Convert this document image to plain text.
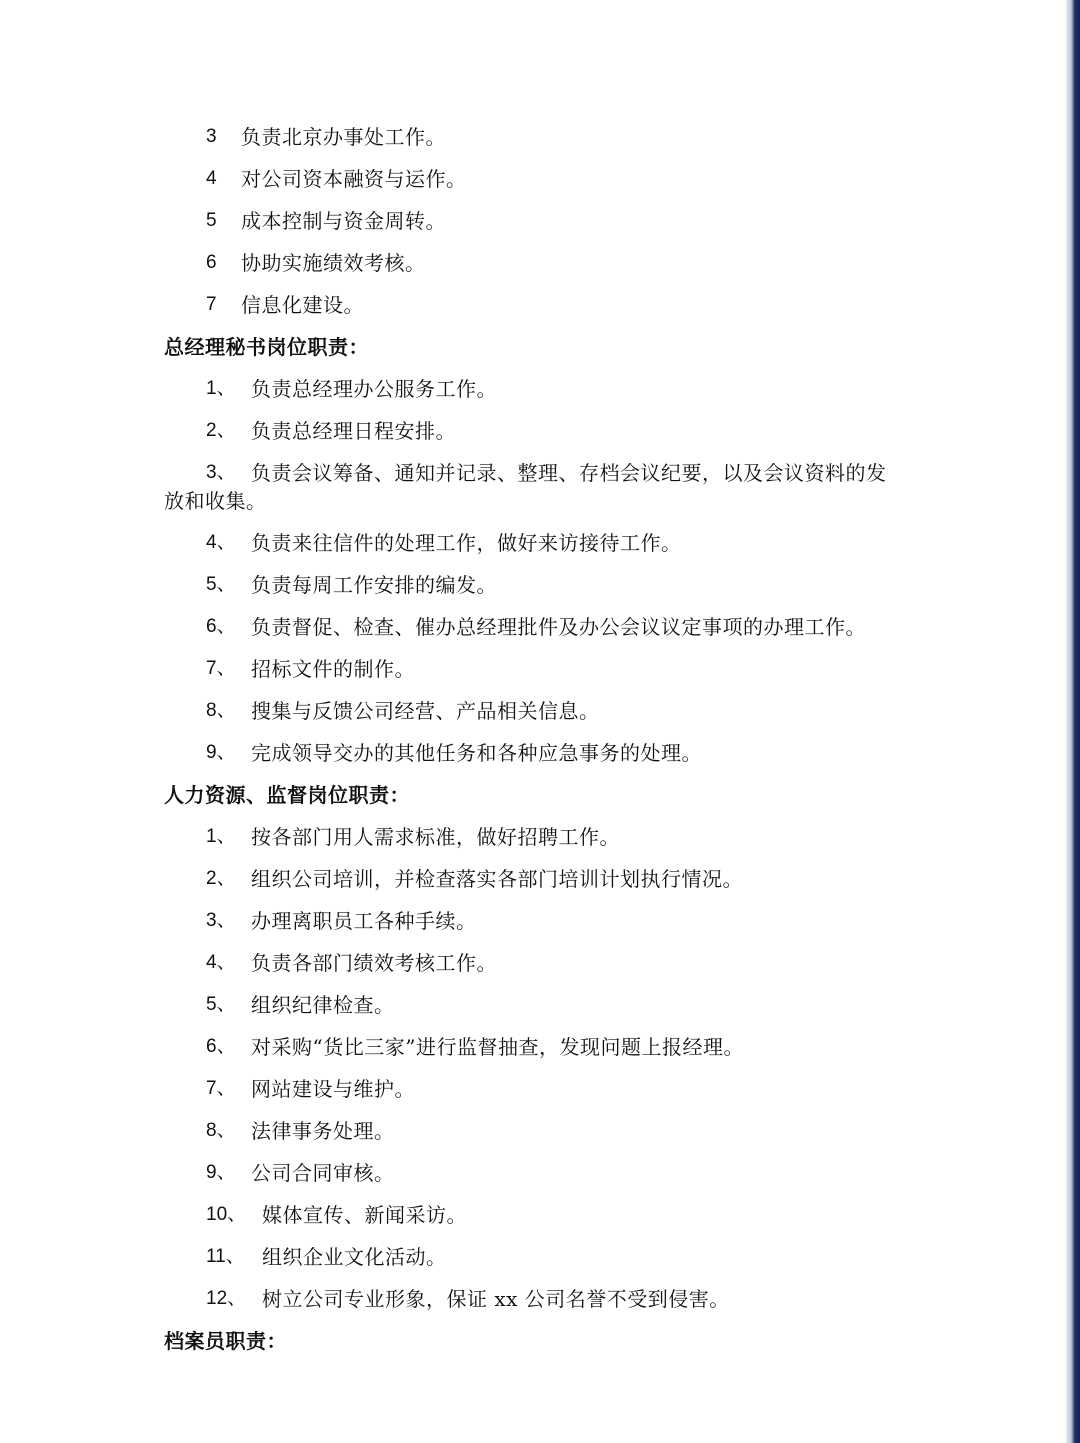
3 负责北京办事处工作。
4 对公司资本融资与运作。
5 成本控制与资金周转。
6 协助实施绩效考核。
7 信息化建设。
总经理秘书岗位职责：
1、 负责总经理办公服务工作。
2、 负责总经理日程安排。
3、 负责会议筹备、通知并记录、整理、存档会议纪要，以及会议资料的发
放和收集。
4、 负责来往信件的处理工作，做好来访接待工作。
5、 负责每周工作安排的编发。
6、 负责督促、检查、催办总经理批件及办公会议议定事项的办理工作。
7、 招标文件的制作。
8、 搜集与反馈公司经营、产品相关信息。
9、 完成领导交办的其他任务和各种应急事务的处理。
人力资源、监督岗位职责：
1、 按各部门用人需求标准，做好招聘工作。
2、 组织公司培训，并检查落实各部门培训计划执行情况。
3、 办理离职员工各种手续。
4、 负责各部门绩效考核工作。
5、 组织纪律检查。
6、 对采购“货比三家”进行监督抽查，发现问题上报经理。
7、 网站建设与维护。
8、 法律事务处理。
9、 公司合同审核。
10、 媒体宣传、新闻采访。
11、 组织企业文化活动。
12、 树立公司专业形象，保证 xx 公司名誉不受到侵害。
档案员职责：
